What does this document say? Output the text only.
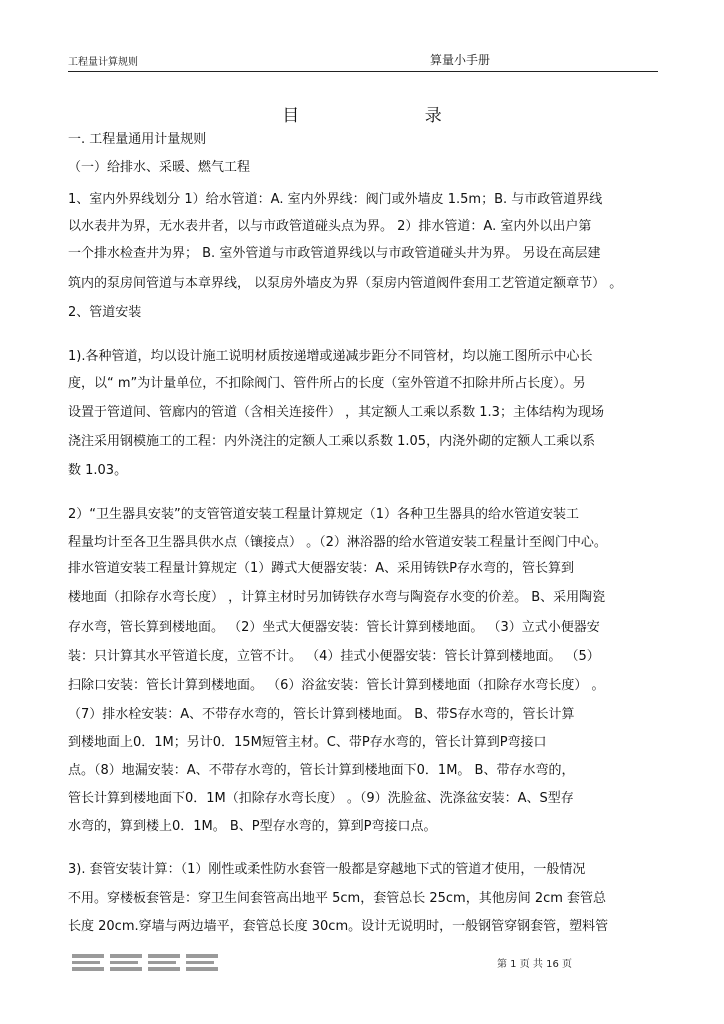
工程量计算规则	算量小手册
目 录
一. 工程量通用计量规则
（一）给排水、采暖、燃气工程
1、室内外界线划分 1）给水管道：A. 室内外界线：阀门或外墙皮 1.5m；B. 与市政管道界线
以水表井为界，无水表井者，以与市政管道碰头点为界。 2）排水管道：A. 室内外以出户第
一个排水检查井为界； B. 室外管道与市政管道界线以与市政管道碰头井为界。 另设在高层建
筑内的泵房间管道与本章界线， 以泵房外墙皮为界（泵房内管道阀件套用工艺管道定额章节） 。
2、管道安装
1).各种管道，均以设计施工说明材质按递增或递减步距分不同管材，均以施工图所示中心长
度，以“ m”为计量单位，不扣除阀门、管件所占的长度（室外管道不扣除井所占长度）。另
设置于管道间、管廊内的管道（含相关连接件） ，其定额人工乘以系数 1.3；主体结构为现场
浇注采用钢模施工的工程：内外浇注的定额人工乘以系数 1.05，内浇外砌的定额人工乘以系
数 1.03。
2）“卫生器具安装”的支管管道安装工程量计算规定（1）各种卫生器具的给水管道安装工
程量均计至各卫生器具供水点（镶接点） 。（2）淋浴器的给水管道安装工程量计至阀门中心。
排水管道安装工程量计算规定（1）蹲式大便器安装：A、采用铸铁P存水弯的，管长算到
楼地面（扣除存水弯长度） ，计算主材时另加铸铁存水弯与陶瓷存水变的价差。 B、采用陶瓷
存水弯，管长算到楼地面。 （2）坐式大便器安装：管长计算到楼地面。 （3）立式小便器安
装：只计算其水平管道长度，立管不计。 （4）挂式小便器安装：管长计算到楼地面。 （5）
扫除口安装：管长计算到楼地面。 （6）浴盆安装：管长计算到楼地面（扣除存水弯长度） 。
（7）排水栓安装：A、不带存水弯的，管长计算到楼地面。 B、带S存水弯的，管长计算
到楼地面上0．1M；另计0．15M短管主材。C、带P存水弯的，管长计算到P弯接口
点。（8）地漏安装：A、不带存水弯的，管长计算到楼地面下0．1M。 B、带存水弯的，
管长计算到楼地面下0．1M（扣除存水弯长度） 。（9）洗脸盆、洗涤盆安装：A、S型存
水弯的，算到楼上0．1M。 B、P型存水弯的，算到P弯接口点。
3). 套管安装计算：（1）刚性或柔性防水套管一般都是穿越地下式的管道才使用，一般情况
不用。穿楼板套管是：穿卫生间套管高出地平 5cm，套管总长 25cm，其他房间 2cm 套管总
长度 20cm.穿墙与两边墙平，套管总长度 30cm。设计无说明时，一般钢管穿钢套管，塑料管
第 1 页 共 16 页
